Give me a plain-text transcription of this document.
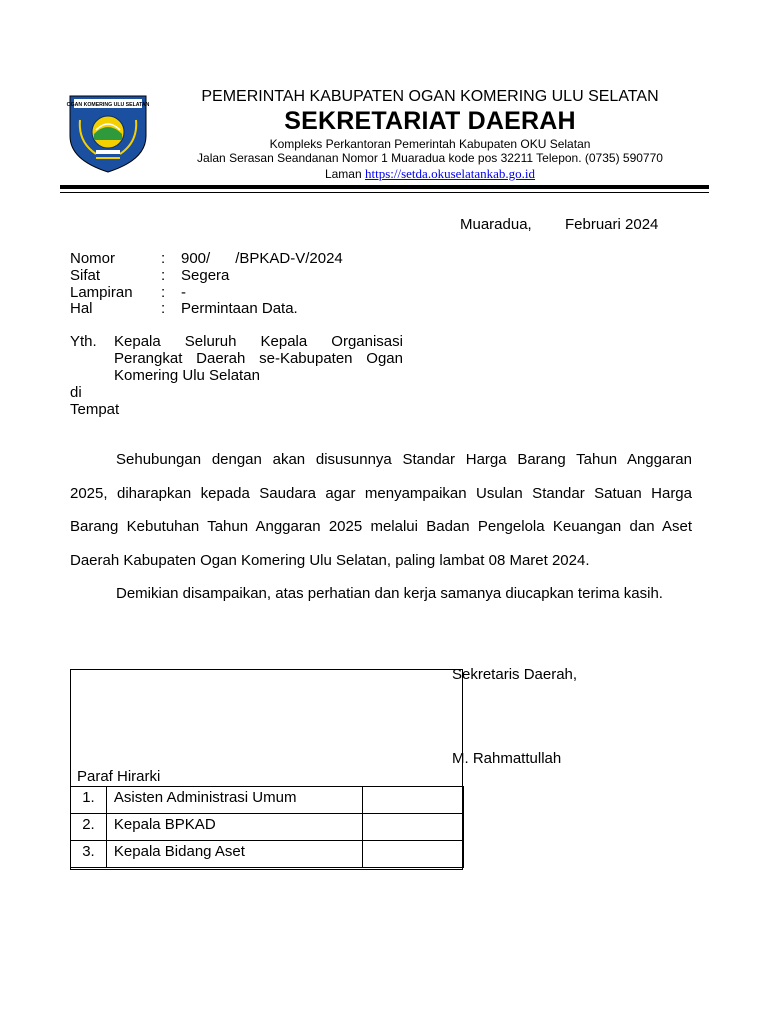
OGAN KOMERING ULU SELATAN	PEMERINTAH KABUPATEN OGAN KOMERING ULU SELATAN
SEKRETARIAT DAERAH
Kompleks Perkantoran Pemerintah Kabupaten OKU Selatan
Jalan Serasan Seandanan Nomor 1 Muaradua kode pos 32211 Telepon. (0735) 590770
Laman https://setda.okuselatankab.go.id
Muaradua, Februari 2024
Nomor	: 900/      /BPKAD-V/2024
Sifat	: Segera
Lampiran : -
Hal	: Permintaan Data.
Yth. Kepala Seluruh Kepala Organisasi
Perangkat Daerah se-Kabupaten Ogan
Komering Ulu Selatan
di
Tempat
Sehubungan dengan akan disusunnya Standar Harga Barang Tahun Anggaran
2025, diharapkan kepada Saudara agar menyampaikan Usulan Standar Satuan Harga
Barang Kebutuhan Tahun Anggaran 2025 melalui Badan Pengelola Keuangan dan Aset
Daerah Kabupaten Ogan Komering Ulu Selatan, paling lambat 08 Maret 2024.
Demikian disampaikan, atas perhatian dan kerja samanya diucapkan terima kasih.
Paraf Hirarki
1.	Asisten Administrasi Umum	
2.	Kepala BPKAD	
3.	Kepala Bidang Aset	
Sekretaris Daerah,
M. Rahmattullah
